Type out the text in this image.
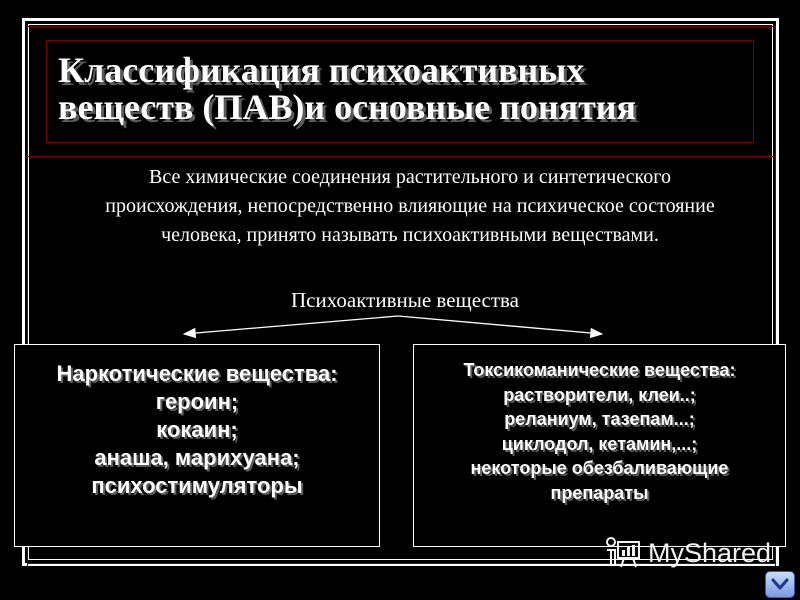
Классификация психоактивных
веществ (ПАВ)и основные понятия
Все химические соединения растительного и синтетического происхождения, непосредственно влияющие на психическое состояние человека, принято называть психоактивными веществами.
Психоактивные вещества
Наркотические вещества:
героин;
кокаин;
анаша, марихуана;
психостимуляторы
Токсикоманические вещества:
растворители, клеи..;
реланиум, тазепам...;
циклодол, кетамин,...;
некоторые обезбаливающие
препараты
MyShared
